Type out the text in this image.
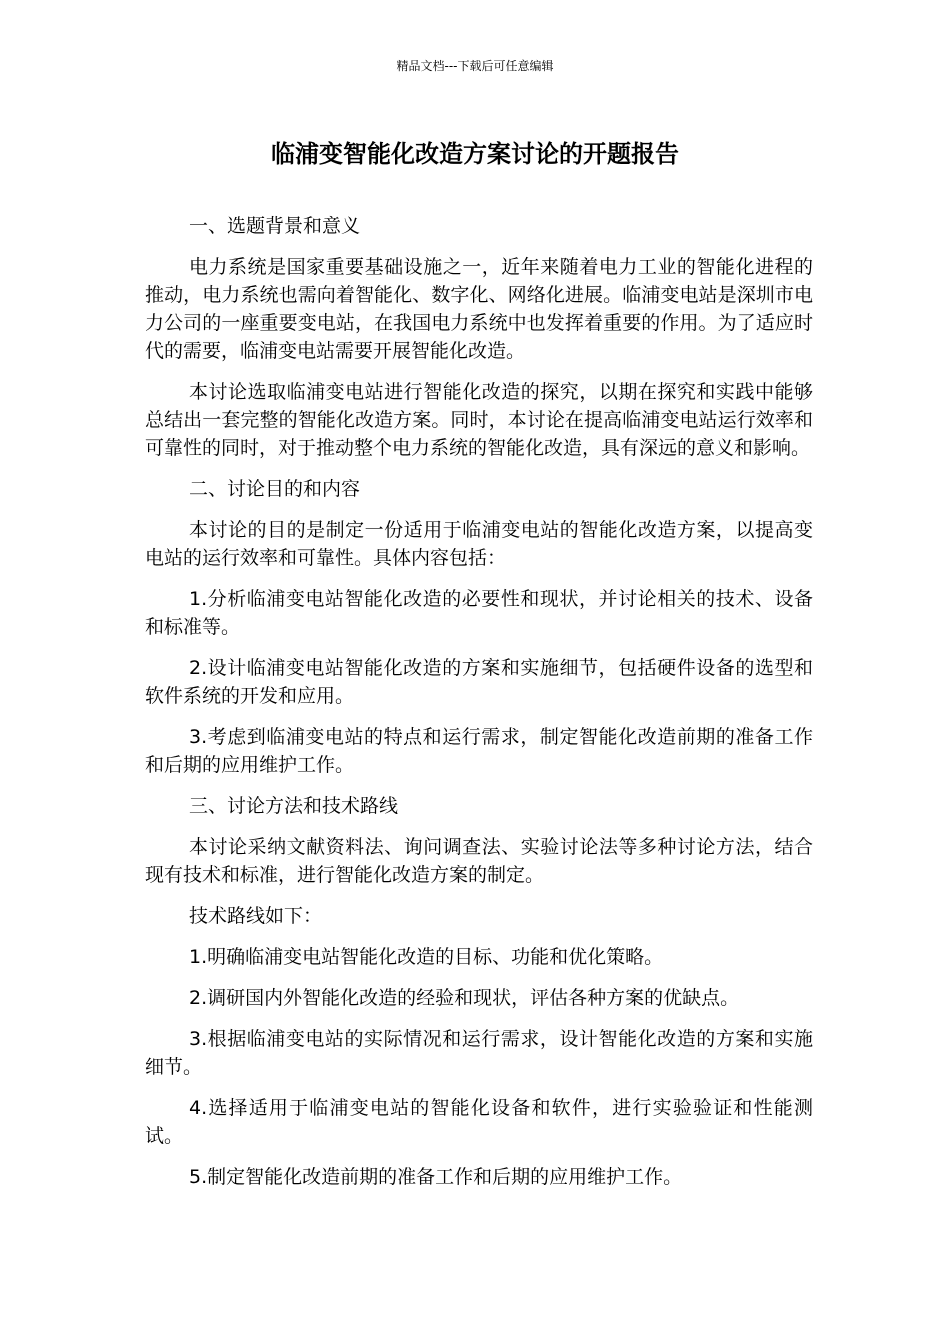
精品文档---下载后可任意编辑
临浦变智能化改造方案讨论的开题报告

一、选题背景和意义

电力系统是国家重要基础设施之一，近年来随着电力工业的智能化进程的推动，电力系统也需向着智能化、数字化、网络化进展。临浦变电站是深圳市电力公司的一座重要变电站，在我国电力系统中也发挥着重要的作用。为了适应时代的需要，临浦变电站需要开展智能化改造。

本讨论选取临浦变电站进行智能化改造的探究，以期在探究和实践中能够总结出一套完整的智能化改造方案。同时，本讨论在提高临浦变电站运行效率和可靠性的同时，对于推动整个电力系统的智能化改造，具有深远的意义和影响。

二、讨论目的和内容

本讨论的目的是制定一份适用于临浦变电站的智能化改造方案，以提高变电站的运行效率和可靠性。具体内容包括：

1.分析临浦变电站智能化改造的必要性和现状，并讨论相关的技术、设备和标准等。

2.设计临浦变电站智能化改造的方案和实施细节，包括硬件设备的选型和软件系统的开发和应用。

3.考虑到临浦变电站的特点和运行需求，制定智能化改造前期的准备工作和后期的应用维护工作。

三、讨论方法和技术路线

本讨论采纳文献资料法、询问调查法、实验讨论法等多种讨论方法，结合现有技术和标准，进行智能化改造方案的制定。

技术路线如下：

1.明确临浦变电站智能化改造的目标、功能和优化策略。

2.调研国内外智能化改造的经验和现状，评估各种方案的优缺点。

3.根据临浦变电站的实际情况和运行需求，设计智能化改造的方案和实施细节。

4.选择适用于临浦变电站的智能化设备和软件，进行实验验证和性能测试。

5.制定智能化改造前期的准备工作和后期的应用维护工作。
